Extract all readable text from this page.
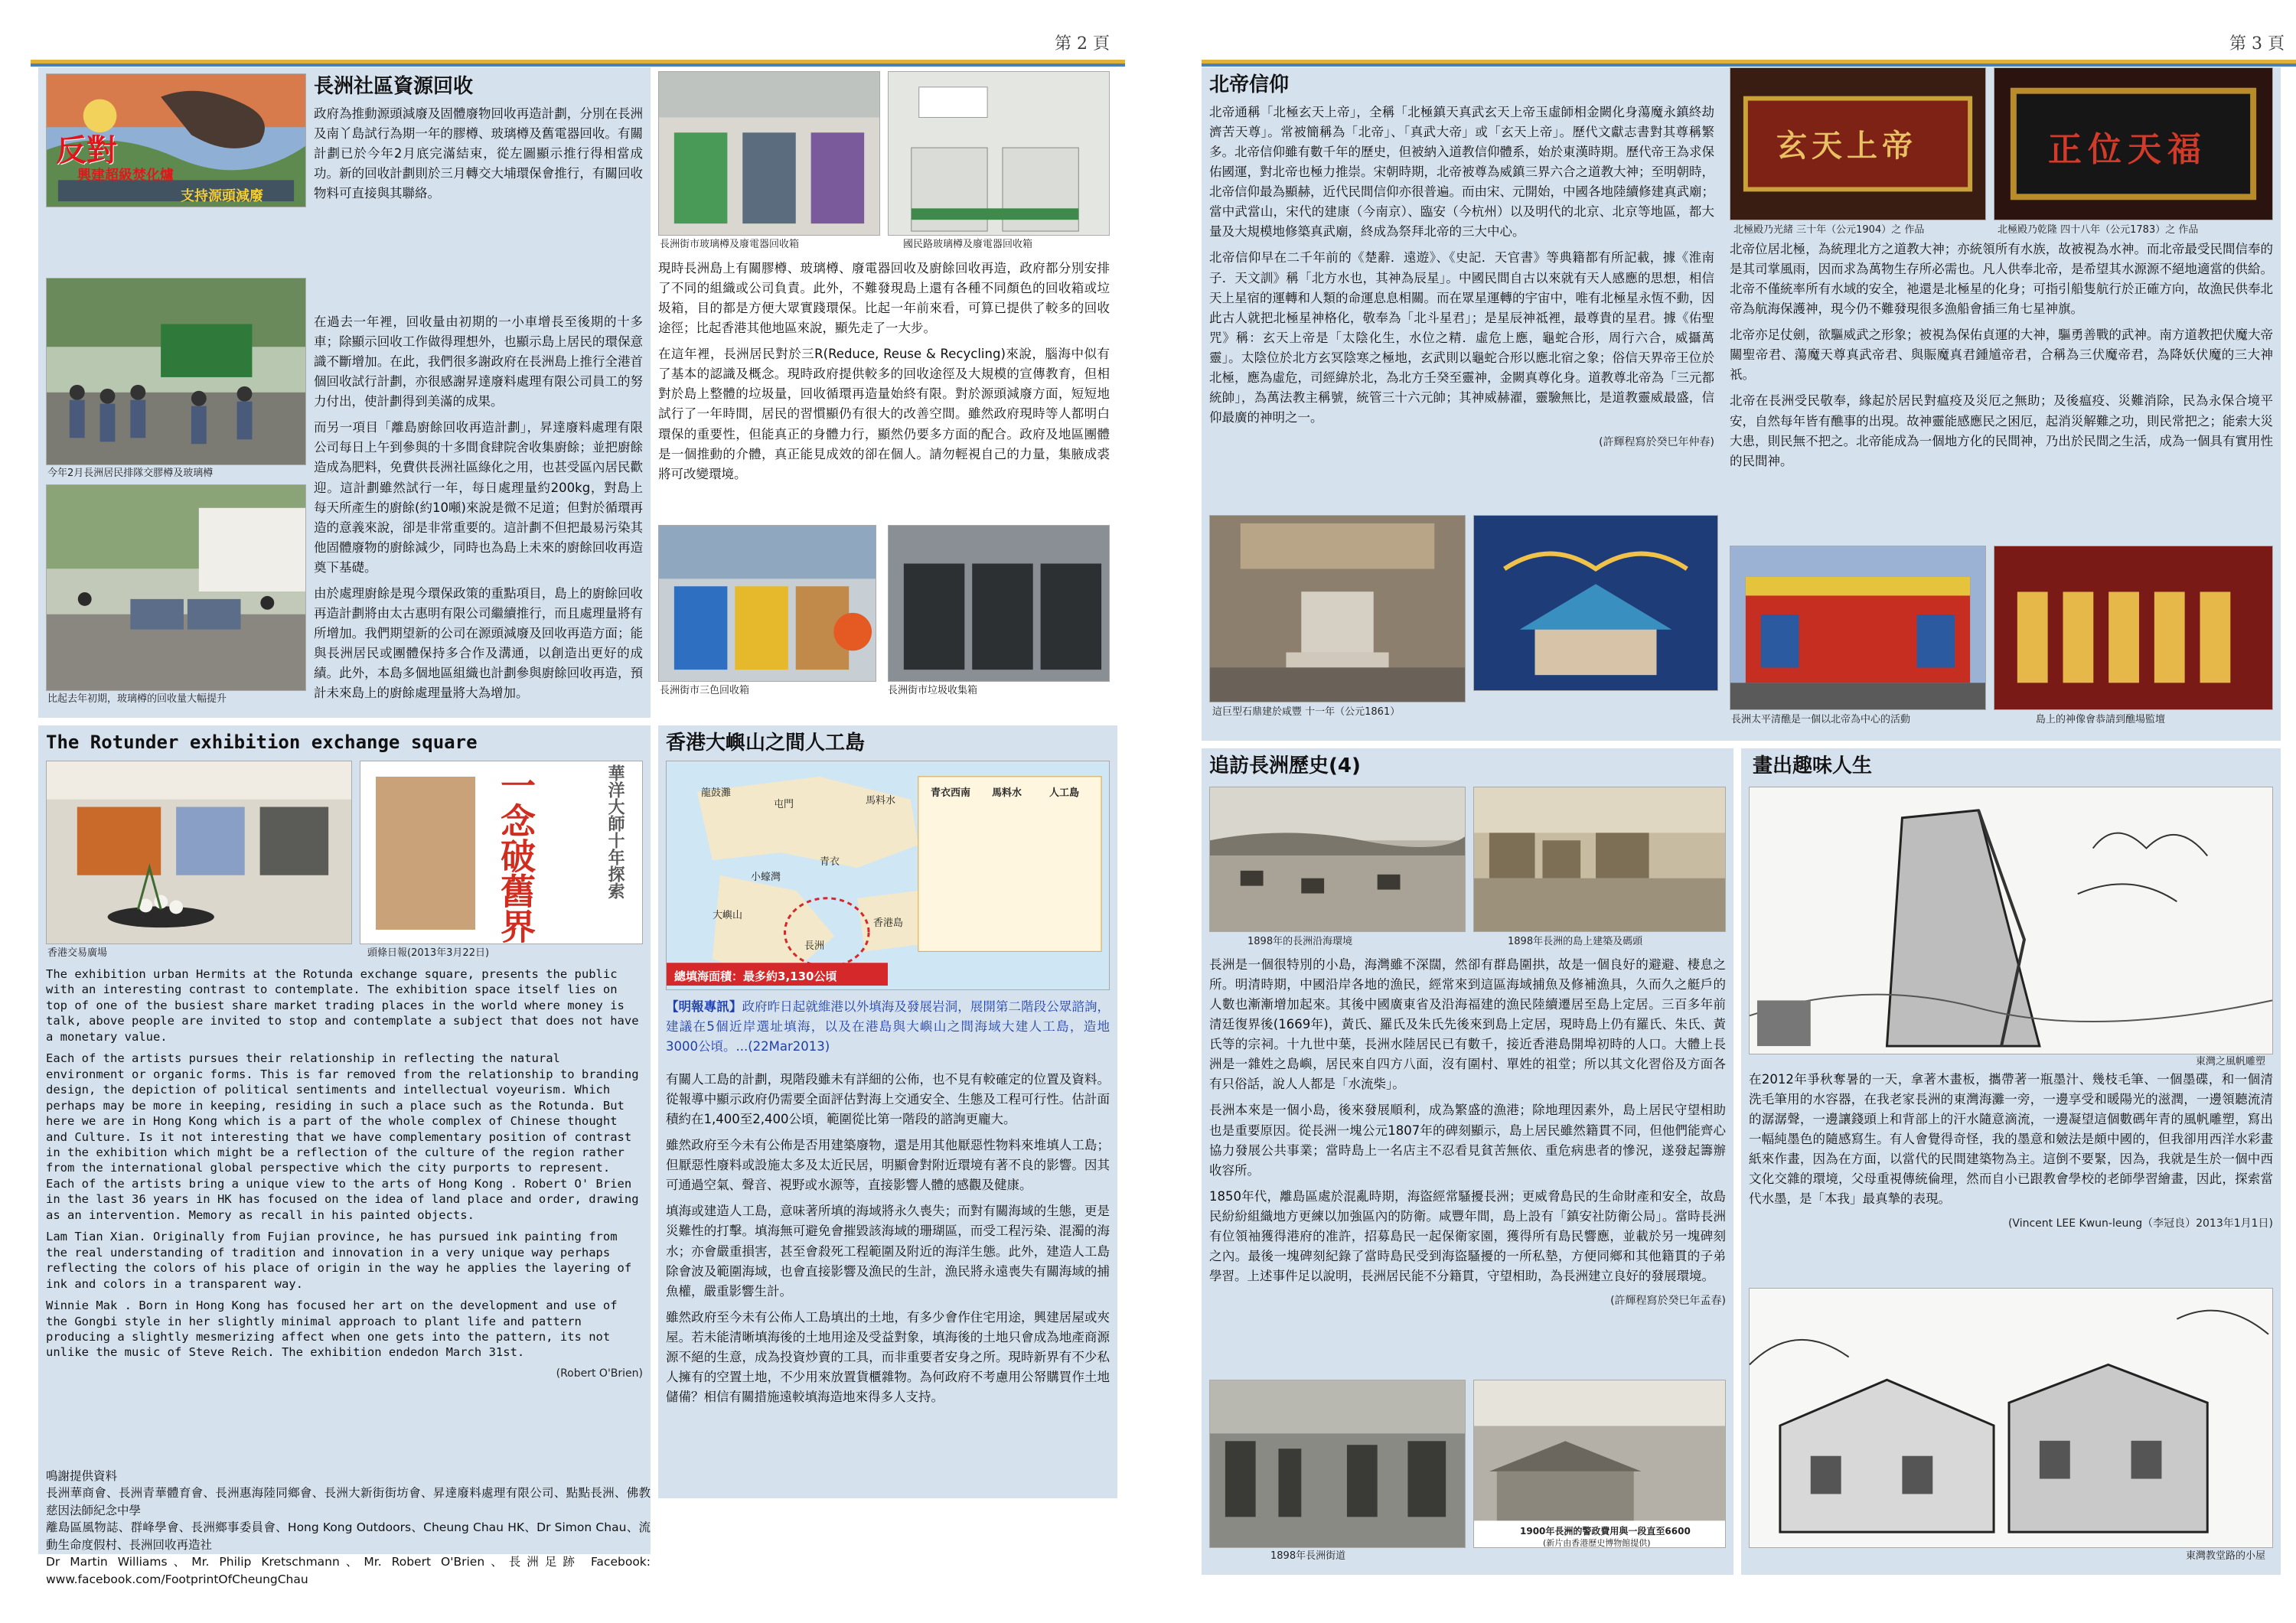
第 2 頁
反對
興建超級焚化爐
支持源頭減廢
長洲社區資源回收

政府為推動源頭減廢及固體廢物回收再造計劃，分別在長洲及南丫島試行為期一年的膠樽、玻璃樽及舊電器回收。有關計劃已於今年2月底完滿結束，從左圖顯示推行得相當成功。新的回收計劃則於三月轉交大埔環保會推行，有關回收物料可直接與其聯絡。

今年2月長洲居民排隊交膠樽及玻璃樽
比起去年初期，玻璃樽的回收量大幅提升

在過去一年裡，回收量由初期的一小車增長至後期的十多車；除顯示回收工作做得理想外，也顯示島上居民的環保意識不斷增加。在此，我們很多謝政府在長洲島上推行全港首個回收試行計劃，亦很感謝昇達廢料處理有限公司員工的努力付出，使計劃得到美滿的成果。

而另一項目「離島廚餘回收再造計劃」，昇達廢料處理有限公司每日上午到參與的十多間食肆院舍收集廚餘；並把廚餘造成為肥料，免費供長洲社區綠化之用，也甚受區內居民歡迎。這計劃雖然試行一年，每日處理量約200kg，對島上每天所產生的廚餘(約10噸)來說是微不足道；但對於循環再造的意義來說，卻是非常重要的。這計劃不但把最易污染其他固體廢物的廚餘減少，同時也為島上未來的廚餘回收再造奠下基礎。

由於處理廚餘是現今環保政策的重點項目，島上的廚餘回收再造計劃將由太古惠明有限公司繼續推行，而且處理量將有所增加。我們期望新的公司在源頭減廢及回收再造方面；能與長洲居民或團體保持多合作及溝通，以創造出更好的成績。此外，本島多個地區組織也計劃參與廚餘回收再造，預計未來島上的廚餘處理量將大為增加。

長洲街市玻璃樽及廢電器回收箱	國民路玻璃樽及廢電器回收箱

現時長洲島上有關膠樽、玻璃樽、廢電器回收及廚餘回收再造，政府都分別安排了不同的組織或公司負責。此外，不難發現島上還有各種不同顏色的回收箱或垃圾箱，目的都是方便大眾實踐環保。比起一年前來看，可算已提供了較多的回收途徑；比起香港其他地區來說，顯先走了一大步。

在這年裡，長洲居民對於三R(Reduce, Reuse & Recycling)來說，腦海中似有了基本的認識及概念。現時政府提供較多的回收途徑及大規模的宣傳教育，但相對於島上整體的垃圾量，回收循環再造量始終有限。對於源頭減廢方面，短短地試行了一年時間，居民的習慣顯仍有很大的改善空間。雖然政府現時等人都明白環保的重要性，但能真正的身體力行，顯然仍要多方面的配合。政府及地區團體是一個推動的介體，真正能見成效的卻在個人。請勿輕視自己的力量，集腋成裘將可改變環境。

長洲街市三色回收箱	長洲街市垃圾收集箱
The Rotunder exhibition exchange square
香港交易廣場
華洋大師十年探索
一念破舊界
頭條日報(2013年3月22日)

The exhibition urban Hermits at the Rotunda exchange square, presents the public with an interesting contrast to contemplate. The exhibition space itself lies on top of one of the busiest share market trading places in the world where money is talk, above people are invited to stop and contemplate a subject that does not have a monetary value.

Each of the artists pursues their relationship in reflecting the natural environment or organic forms. This is far removed from the relationship to branding design, the depiction of political sentiments and intellectual voyeurism. Which perhaps may be more in keeping, residing in such a place such as the Rotunda. But here we are in Hong Kong which is a part of the whole complex of Chinese thought and Culture. Is it not interesting that we have complementary position of contrast in the exhibition which might be a reflection of the culture of the region rather from the international global perspective which the city purports to represent. Each of the artists bring a unique view to the arts of Hong Kong . Robert O' Brien in the last 36 years in HK has focused on the idea of land place and order, drawing as an intervention. Memory as recall in his painted objects.

Lam Tian Xian. Originally from Fujian province, he has pursued ink painting from the real understanding of tradition and innovation in a very unique way perhaps reflecting the colors of his place of origin in the way he applies the layering of ink and colors in a transparent way.

Winnie Mak . Born in Hong Kong has focused her art on the development and use of the Gongbi style in her slightly minimal approach to plant life and pattern producing a slightly mesmerizing affect when one gets into the pattern, its not unlike the music of Steve Reich. The exhibition endedon March 31st.

(Robert O'Brien)

鳴謝提供資料
長洲華商會、長洲青華體育會、長洲惠海陸同鄉會、長洲大新街街坊會、昇達廢料處理有限公司、點點長洲、佛教慈因法師紀念中學
離島區風物誌、群峰學會、長洲鄉事委員會、Hong Kong Outdoors、Cheung Chau HK、Dr Simon Chau、流動生命度假村、長洲回收再造社
Dr Martin Williams、Mr. Philip Kretschmann、Mr. Robert O'Brien、長洲足跡 Facebook: www.facebook.com/FootprintOfCheungChau
香港大嶼山之間人工島
龍鼓灘
屯門	馬料水
小蠔灣
青衣
大嶼山
長洲
香港島
青衣西南 馬料水	人工島
總填海面積：最多約3,130公頃
【明報專訊】政府昨日起就維港以外填海及發展岩洞，展開第二階段公眾諮詢，建議在5個近岸選址填海，以及在港島與大嶼山之間海域大建人工島，造地3000公頃。...(22Mar2013)

有關人工島的計劃，現階段雖未有詳細的公佈，也不見有較確定的位置及資料。從報導中顯示政府仍需要全面評估對海上交通安全、生態及工程可行性。估計面積約在1,400至2,400公頃，範圍從比第一階段的諮詢更龐大。

雖然政府至今未有公佈是否用建築廢物，還是用其他厭惡性物料來堆填人工島；但厭惡性廢料或設施太多及太近民居，明顯會對附近環境有著不良的影響。因其可通過空氣、聲音、視野或水源等，直接影響人體的感觀及健康。

填海或建造人工島，意味著所填的海域將永久喪失；而對有關海域的生態，更是災難性的打擊。填海無可避免會摧毀該海域的珊瑚區，而受工程污染、混濁的海水；亦會嚴重損害，甚至會殺死工程範圍及附近的海洋生態。此外，建造人工島除會波及範圍海域，也會直接影響及漁民的生計，漁民將永遠喪失有關海域的捕魚權，嚴重影響生計。

雖然政府至今未有公佈人工島填出的土地，有多少會作住宅用途，興建居屋或夾屋。若未能清晰填海後的土地用途及受益對象，填海後的土地只會成為地產商源源不絕的生意，成為投資炒賣的工具，而非重要者安身之所。現時新界有不少私人擁有的空置土地，不少用來放置貨櫃雜物。為何政府不考慮用公帑購買作土地儲備？相信有關措施遠較填海造地來得多人支持。

第 3 頁
北帝信仰

北帝通稱「北極玄天上帝」，全稱「北極鎮天真武玄天上帝玉虛師相金闕化身蕩魔永鎮終劫濟苦天尊」。常被簡稱為「北帝」、「真武大帝」或「玄天上帝」。歷代文獻志書對其尊稱繁多。北帝信仰雖有數千年的歷史，但被納入道教信仰體系，始於東漢時期。歷代帝王為求保佑國運，對北帝也極力推崇。宋朝時期，北帝被尊為威鎮三界六合之道教大神；至明朝時，北帝信仰最為顯赫，近代民間信仰亦很普遍。而由宋、元開始，中國各地陸續修建真武廟；當中武當山，宋代的建康（今南京）、臨安（今杭州）以及明代的北京、北京等地區，都大量及大規模地修築真武廟，終成為祭拜北帝的三大中心。

北帝信仰早在二千年前的《楚辭．遠遊》、《史記．天官書》等典籍都有所記載，據《淮南子．天文訓》稱「北方水也，其神為辰星」。中國民間自古以來就有天人感應的思想，相信天上星宿的運轉和人類的命運息息相關。而在眾星運轉的宇宙中，唯有北極星永恆不動，因此古人就把北極星神格化，敬奉為「北斗星君」；是星辰神祗裡，最尊貴的星君。據《佑聖咒》稱：玄天上帝是「太陰化生，水位之精．虛危上應，龜蛇合形，周行六合，威攝萬靈」。太陰位於北方玄冥陰寒之極地，玄武則以龜蛇合形以應北宿之象；俗信天界帝王位於北極，應為虛危，司經緯於北，為北方壬癸至靈神，金闕真尊化身。道教尊北帝為「三元都統帥」，為萬法教主稱號，統管三十六元帥；其神威赫濯，靈驗無比，是道教靈威最盛，信仰最廣的神明之一。

(許輝程寫於癸巳年仲春)

這巨型石鼎建於咸豐 十一年（公元1861）
玄天上帝	正位天福
北極殿乃光緒 三十年（公元1904）之 作品	北極殿乃乾隆 四十八年（公元1783）之 作品

北帝位居北極，為統理北方之道教大神；亦統領所有水族，故被視為水神。而北帝最受民間信奉的是其司掌風雨，因而求為萬物生存所必需也。凡人供奉北帝，是希望其水源源不絕地適當的供給。北帝不僅統率所有水域的安全，祂還是北極星的化身；可指引船隻航行於正確方向，故漁民供奉北帝為航海保護神，現今仍不難發現很多漁船會插三角七星神旗。

北帝亦足仗劍，欲驅威武之形象；被視為保佑貞運的大神，驅勇善戰的武神。南方道教把伏魔大帝關聖帝君、蕩魔天尊真武帝君、與賑魔真君鍾馗帝君，合稱為三伏魔帝君，為降妖伏魔的三大神祇。

北帝在長洲受民敬奉，緣起於居民對瘟疫及災厄之無助；及後瘟疫、災難消除，民為永保合境平安，自然每年皆有醮事的出現。故神靈能感應民之困厄，起消災解難之功，則民常把之；能索大災大患，則民無不把之。北帝能成為一個地方化的民間神，乃出於民間之生活，成為一個具有實用性的民間神。

長洲太平清醮是一個以北帝為中心的活動	島上的神像會恭請到醮場監壇
追訪長洲歷史(4)
1898年的長洲沿海環境	1898年長洲的島上建築及碼頭

長洲是一個很特別的小島，海灣雖不深闊，然卻有群島圍拱，故是一個良好的避避、棲息之所。明清時期，中國沿岸各地的漁民，經常來到這區海域捕魚及修補漁具，久而久之艇戶的人數也漸漸增加起來。其後中國廣東省及沿海福建的漁民陸續遷居至島上定居。三百多年前清廷復界後(1669年)，黃氏、羅氏及朱氏先後來到島上定居，現時島上仍有羅氏、朱氏、黃氏等的宗祠。十九世中葉，長洲水陸居民已有數千，接近香港島開埠初時的人口。大體上長洲是一雜姓之島嶼，居民來自四方八面，沒有圍村、單姓的祖堂；所以其文化習俗及方面各有只俗話，說人人都是「水流柴」。

長洲本來是一個小島，後來發展順利，成為繁盛的漁港；除地理因素外，島上居民守望相助也是重要原因。從長洲一塊公元1807年的碑刻顯示，島上居民雖然籍貫不同，但他們能齊心協力發展公共事業；當時島上一名店主不忍看見貧苦無依、重危病患者的慘況，遂發起籌辦收容所。

1850年代，離島區處於混亂時期，海盜經常騷擾長洲；更威脅島民的生命財產和安全，故島民紛紛組織地方更練以加強區內的防衛。咸豐年間，島上設有「鎮安社防衛公局」。當時長洲有位領袖獲得港府的准許，招募島民一起保衛家園，獲得所有島民響應，並載於另一塊碑刻之內。最後一塊碑刻紀錄了當時島民受到海盜騷擾的一所私墊，方便同鄉和其他籍貫的子弟學習。上述事件足以說明，長洲居民能不分籍貫，守望相助，為長洲建立良好的發展環境。

(許輝程寫於癸巳年孟春)

1900年長洲的警政費用與一段直至6600
(新片由香港歷史博物館提供)
1898年長洲街道
畫出趣味人生
東灣之風帆雕塑

在2012年爭秋奪暑的一天，拿著木畫板，攜帶著一瓶墨汁、幾枝毛筆、一個墨碟，和一個清洗毛筆用的水容器，在我老家長洲的東灣海灘一旁，一邊享受和暖陽光的滋潤，一邊領聽流清的潺潺聲，一邊讓錢頭上和背部上的汗水隨意滴流，一邊凝望這個數碼年青的風帆雕塑，寫出一幅純墨色的隨感寫生。有人會覺得奇怪，我的墨意和皴法是頗中國的，但我卻用西洋水彩畫紙來作畫，因為在方面，以當代的民間建築物為主。這倒不要緊，因為，我就是生於一個中西文化交雜的環境，父母重視傳統倫理，然而自小已跟教會學校的老師學習繪畫，因此，探索當代水墨，是「本我」最真摯的表現。

(Vincent LEE Kwun-leung（李冠良）2013年1月1日)

東灣教堂路的小屋
